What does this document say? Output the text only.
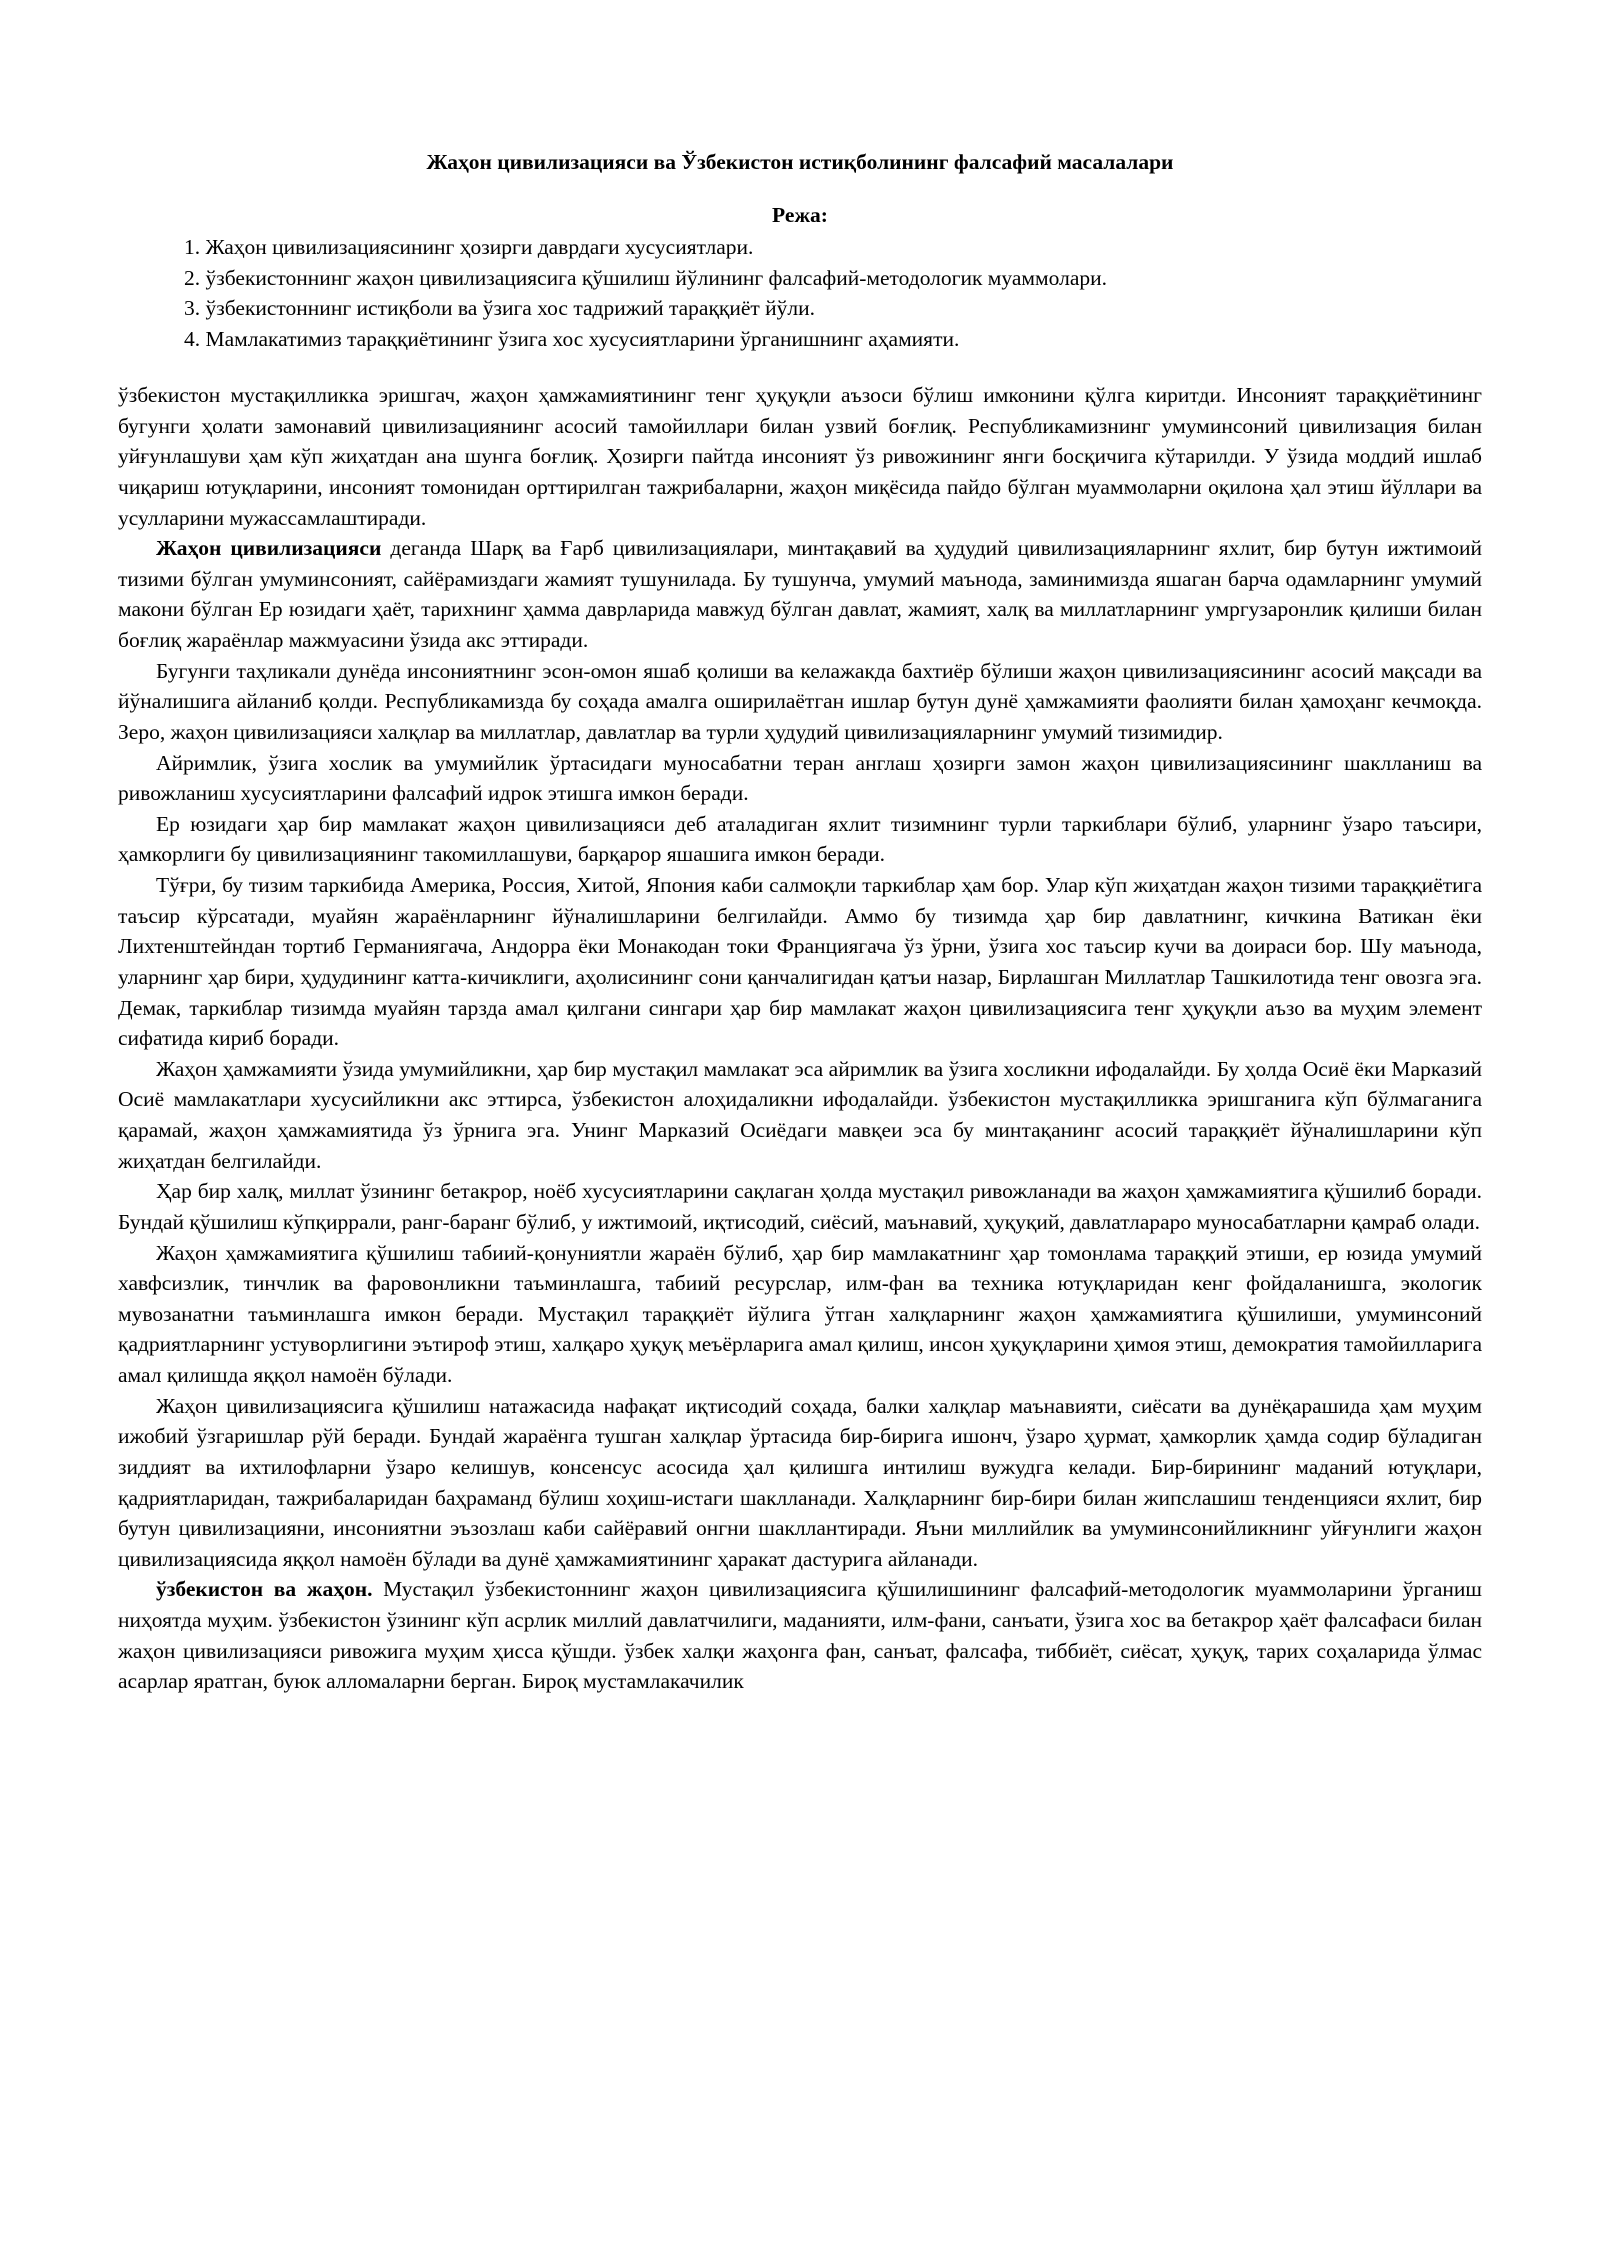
Жаҳон цивилизацияси ва Ўзбекистон истиқболининг фалсафий масалалари
Режа:
1. Жаҳон цивилизациясининг ҳозирги даврдаги хусусиятлари.
2. ўзбекистоннинг жаҳон цивилизациясига қўшилиш йўлининг фалсафий-методологик муаммолари.
3. ўзбекистоннинг истиқболи ва ўзига хос тадрижий тараққиёт йўли.
4. Мамлакатимиз тараққиётининг ўзига хос хусусиятларини ўрганишнинг аҳамияти.

ўзбекистон мустақилликка эришгач, жаҳон ҳамжамиятининг тенг ҳуқуқли аъзоси бўлиш имконини қўлга киритди. Инсоният тараққиётининг бугунги ҳолати замонавий цивилизациянинг асосий тамойиллари билан узвий боғлиқ. Республикамизнинг умуминсоний цивилизация билан уйғунлашуви ҳам кўп жиҳатдан ана шунга боғлиқ. Ҳозирги пайтда инсоният ўз ривожининг янги босқичига кўтарилди. У ўзида моддий ишлаб чиқариш ютуқларини, инсоният томонидан орттирилган тажрибаларни, жаҳон миқёсида пайдо бўлган муаммоларни оқилона ҳал этиш йўллари ва усулларини мужассамлаштиради.

Жаҳон цивилизацияси деганда Шарқ ва Ғарб цивилизациялари, минтақавий ва ҳудудий цивилизацияларнинг яхлит, бир бутун ижтимоий тизими бўлган умуминсоният, сайёрамиздаги жамият тушунилада. Бу тушунча, умумий маънода, заминимизда яшаган барча одамларнинг умумий макони бўлган Ер юзидаги ҳаёт, тарихнинг ҳамма даврларида мавжуд бўлган давлат, жамият, халқ ва миллатларнинг умргузаронлик қилиши билан боғлиқ жараёнлар мажмуасини ўзида акс эттиради.

Бугунги таҳликали дунёда инсониятнинг эсон-омон яшаб қолиши ва келажакда бахтиёр бўлиши жаҳон цивилизациясининг асосий мақсади ва йўналишига айланиб қолди. Республикамизда бу соҳада амалга оширилаётган ишлар бутун дунё ҳамжамияти фаолияти билан ҳамоҳанг кечмоқда. Зеро, жаҳон цивилизацияси халқлар ва миллатлар, давлатлар ва турли ҳудудий цивилизацияларнинг умумий тизимидир.

Айримлик, ўзига хослик ва умумийлик ўртасидаги муносабатни теран англаш ҳозирги замон жаҳон цивилизациясининг шаклланиш ва ривожланиш хусусиятларини фалсафий идрок этишга имкон беради.

Ер юзидаги ҳар бир мамлакат жаҳон цивилизацияси деб аталадиган яхлит тизимнинг турли таркиблари бўлиб, уларнинг ўзаро таъсири, ҳамкорлиги бу цивилизациянинг такомиллашуви, барқарор яшашига имкон беради.

Тўғри, бу тизим таркибида Америка, Россия, Хитой, Япония каби салмоқли таркиблар ҳам бор. Улар кўп жиҳатдан жаҳон тизими тараққиётига таъсир кўрсатади, муайян жараёнларнинг йўналишларини белгилайди. Аммо бу тизимда ҳар бир давлатнинг, кичкина Ватикан ёки Лихтенштейндан тортиб Германиягача, Андорра ёки Монакодан токи Франциягача ўз ўрни, ўзига хос таъсир кучи ва доираси бор. Шу маънода, уларнинг ҳар бири, ҳудудининг катта-кичиклиги, аҳолисининг сони қанчалигидан қатъи назар, Бирлашган Миллатлар Ташкилотида тенг овозга эга. Демак, таркиблар тизимда муайян тарзда амал қилгани сингари ҳар бир мамлакат жаҳон цивилизациясига тенг ҳуқуқли аъзо ва муҳим элемент сифатида кириб боради.

Жаҳон ҳамжамияти ўзида умумийликни, ҳар бир мустақил мамлакат эса айримлик ва ўзига хосликни ифодалайди. Бу ҳолда Осиё ёки Марказий Осиё мамлакатлари хусусийликни акс эттирса, ўзбекистон алоҳидаликни ифодалайди. ўзбекистон мустақилликка эришганига кўп бўлмаганига қарамай, жаҳон ҳамжамиятида ўз ўрнига эга. Унинг Марказий Осиёдаги мавқеи эса бу минтақанинг асосий тараққиёт йўналишларини кўп жиҳатдан белгилайди.

Ҳар бир халқ, миллат ўзининг бетакрор, ноёб хусусиятларини сақлаган ҳолда мустақил ривожланади ва жаҳон ҳамжамиятига қўшилиб боради. Бундай қўшилиш кўпқиррали, ранг-баранг бўлиб, у ижтимоий, иқтисодий, сиёсий, маънавий, ҳуқуқий, давлатлараро муносабатларни қамраб олади.

Жаҳон ҳамжамиятига қўшилиш табиий-қонуниятли жараён бўлиб, ҳар бир мамлакатнинг ҳар томонлама тараққий этиши, ер юзида умумий хавфсизлик, тинчлик ва фаровонликни таъминлашга, табиий ресурслар, илм-фан ва техника ютуқларидан кенг фойдаланишга, экологик мувозанатни таъминлашга имкон беради. Мустақил тараққиёт йўлига ўтган халқларнинг жаҳон ҳамжамиятига қўшилиши, умуминсоний қадриятларнинг устуворлигини эътироф этиш, халқаро ҳуқуқ меъёрларига амал қилиш, инсон ҳуқуқларини ҳимоя этиш, демократия тамойилларига амал қилишда яққол намоён бўлади.

Жаҳон цивилизациясига қўшилиш натажасида нафақат иқтисодий соҳада, балки халқлар маънавияти, сиёсати ва дунёқарашида ҳам муҳим ижобий ўзгаришлар рўй беради. Бундай жараёнга тушган халқлар ўртасида бир-бирига ишонч, ўзаро ҳурмат, ҳамкорлик ҳамда содир бўладиган зиддият ва ихтилофларни ўзаро келишув, консенсус асосида ҳал қилишга интилиш вужудга келади. Бир-бирининг маданий ютуқлари, қадриятларидан, тажрибаларидан баҳраманд бўлиш хоҳиш-истаги шаклланади. Халқларнинг бир-бири билан жипслашиш тенденцияси яхлит, бир бутун цивилизацияни, инсониятни эъзозлаш каби сайёравий онгни шакллантиради. Яъни миллийлик ва умуминсонийликнинг уйғунлиги жаҳон цивилизациясида яққол намоён бўлади ва дунё ҳамжамиятининг ҳаракат дастурига айланади.

ўзбекистон ва жаҳон. Мустақил ўзбекистоннинг жаҳон цивилизациясига қўшилишининг фалсафий-методологик муаммоларини ўрганиш ниҳоятда муҳим. ўзбекистон ўзининг кўп асрлик миллий давлатчилиги, маданияти, илм-фани, санъати, ўзига хос ва бетакрор ҳаёт фалсафаси билан жаҳон цивилизацияси ривожига муҳим ҳисса қўшди. ўзбек халқи жаҳонга фан, санъат, фалсафа, тиббиёт, сиёсат, ҳуқуқ, тарих соҳаларида ўлмас асарлар яратган, буюк алломаларни берган. Бироқ мустамлакачилик
